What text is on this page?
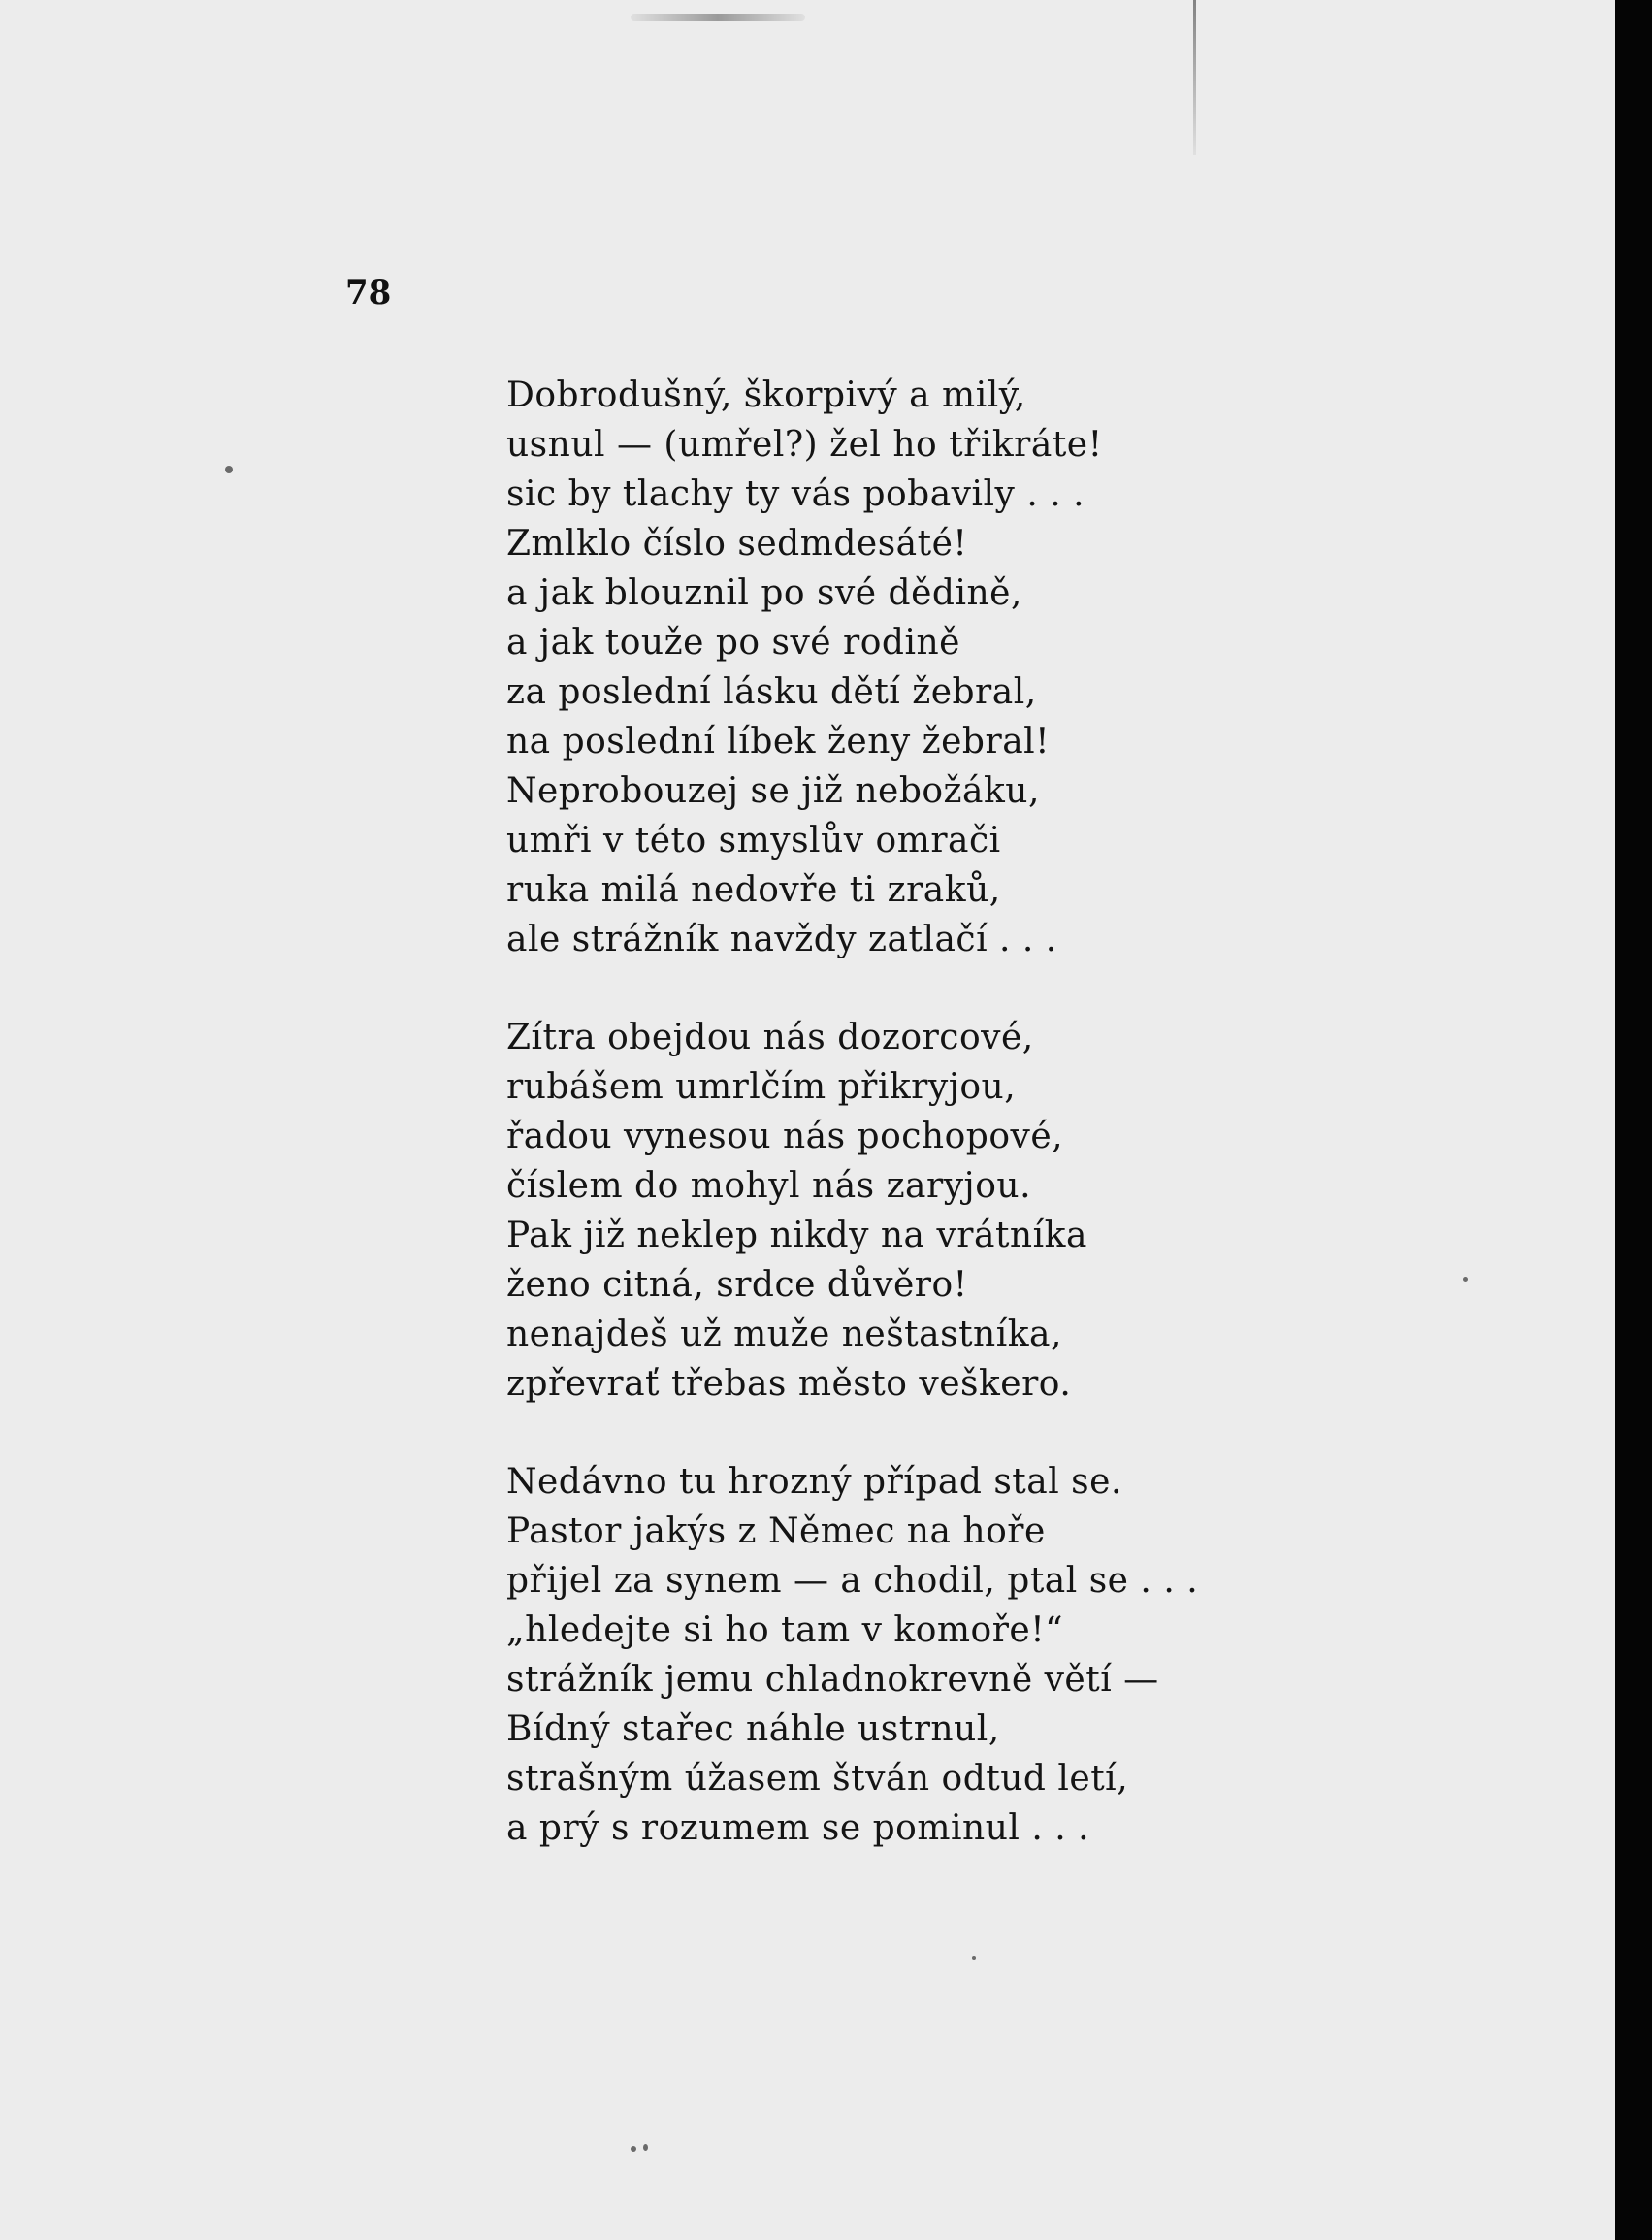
78

Dobrodušný, škorpivý a milý,
usnul — (umřel?) žel ho třikráte!
sic by tlachy ty vás pobavily . . .
Zmlklo číslo sedmdesáté!
a jak blouznil po své dědině,
a jak touže po své rodině
za poslední lásku dětí žebral,
na poslední líbek ženy žebral!
Neprobouzej se již nebožáku,
umři v této smyslův omrači
ruka milá nedovře ti zraků,
ale strážník navždy zatlačí . . .
Zítra obejdou nás dozorcové,
rubášem umrlčím přikryjou,
řadou vynesou nás pochopové,
číslem do mohyl nás zaryjou.
Pak již neklep nikdy na vrátníka
ženo citná, srdce důvěro!
nenajdeš už muže neštastníka,
zpřevrať třebas město veškero.
Nedávno tu hrozný případ stal se.
Pastor jakýs z Němec na hoře
přijel za synem — a chodil, ptal se . . .
„hledejte si ho tam v komoře!“
strážník jemu chladnokrevně větí —
Bídný stařec náhle ustrnul,
strašným úžasem štván odtud letí,
a prý s rozumem se pominul . . .
